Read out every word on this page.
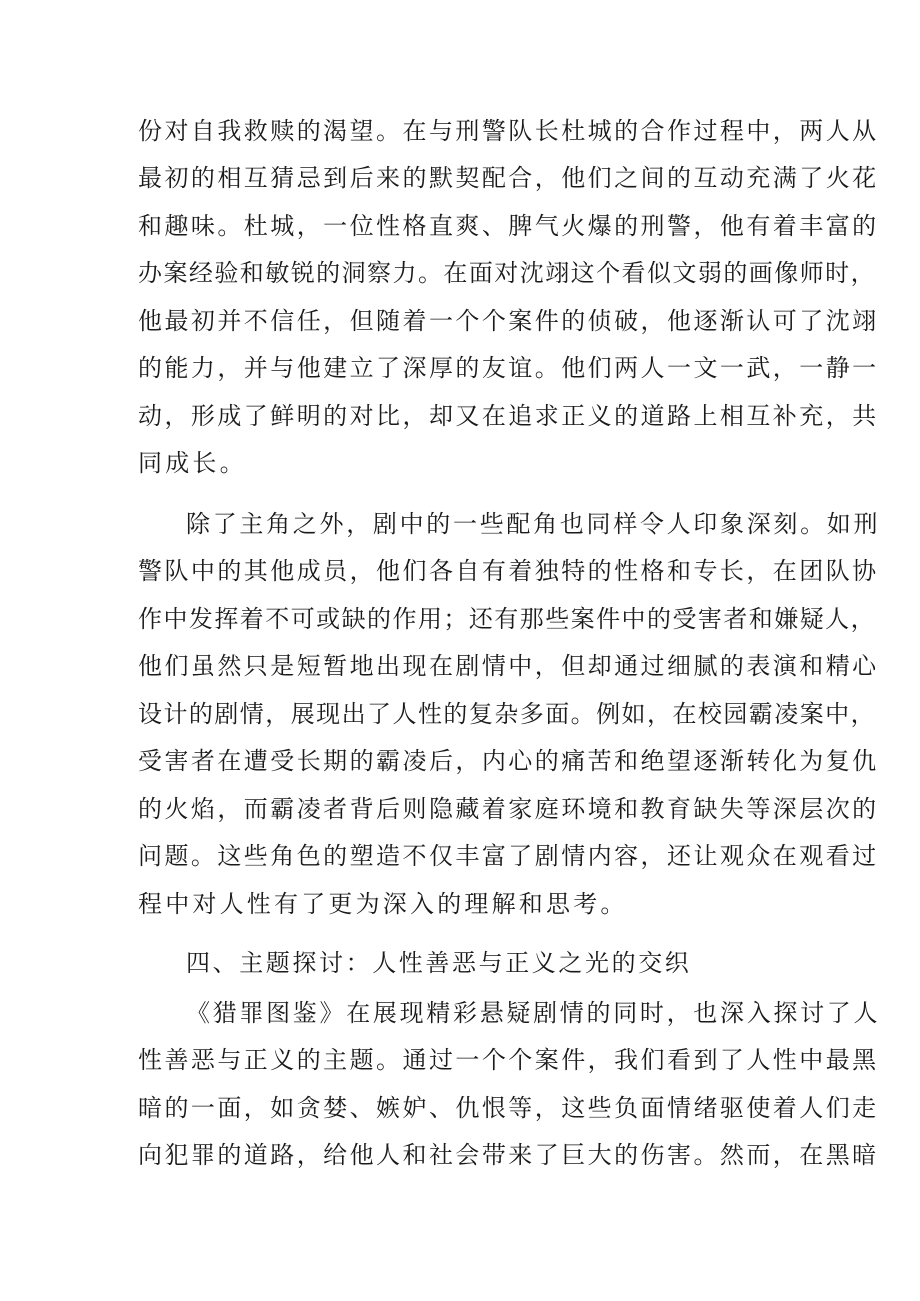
份对自我救赎的渴望。在与刑警队长杜城的合作过程中，两人从
最初的相互猜忌到后来的默契配合，他们之间的互动充满了火花
和趣味。杜城，一位性格直爽、脾气火爆的刑警，他有着丰富的
办案经验和敏锐的洞察力。在面对沈翊这个看似文弱的画像师时，
他最初并不信任，但随着一个个案件的侦破，他逐渐认可了沈翊
的能力，并与他建立了深厚的友谊。他们两人一文一武，一静一
动，形成了鲜明的对比，却又在追求正义的道路上相互补充，共
同成长。
除了主角之外，剧中的一些配角也同样令人印象深刻。如刑
警队中的其他成员，他们各自有着独特的性格和专长，在团队协
作中发挥着不可或缺的作用；还有那些案件中的受害者和嫌疑人，
他们虽然只是短暂地出现在剧情中，但却通过细腻的表演和精心
设计的剧情，展现出了人性的复杂多面。例如，在校园霸凌案中，
受害者在遭受长期的霸凌后，内心的痛苦和绝望逐渐转化为复仇
的火焰，而霸凌者背后则隐藏着家庭环境和教育缺失等深层次的
问题。这些角色的塑造不仅丰富了剧情内容，还让观众在观看过
程中对人性有了更为深入的理解和思考。
四、主题探讨：人性善恶与正义之光的交织
《猎罪图鉴》在展现精彩悬疑剧情的同时，也深入探讨了人
性善恶与正义的主题。通过一个个案件，我们看到了人性中最黑
暗的一面，如贪婪、嫉妒、仇恨等，这些负面情绪驱使着人们走
向犯罪的道路，给他人和社会带来了巨大的伤害。然而，在黑暗
